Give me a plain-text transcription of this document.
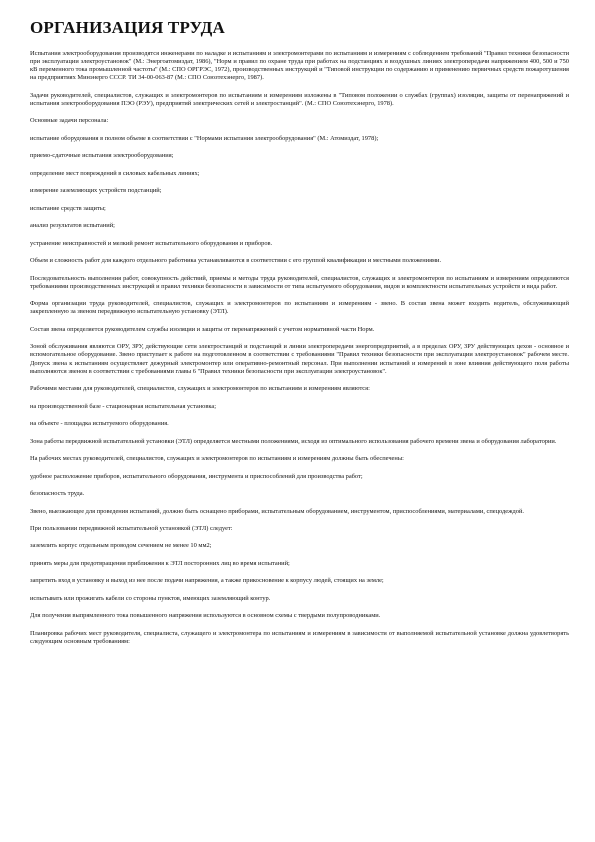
ОРГАНИЗАЦИЯ ТРУДА

Испытания электрооборудования производятся инженерами по наладке и испытаниям и электромонтерами по испытаниям и измерениям с соблюдением требований "Правил техники безопасности при эксплуатации электроустановок" (М.: Энергоатомиздат, 1986), "Норм и правил по охране труда при работах на подстанциях и воздушных линиях электропередачи напряжением 400, 500 и 750 кВ переменного тока промышленной частоты" (М.: СПО ОРГРЭС, 1972), производственных инструкций и "Типовой инструкции по содержанию и применению первичных средств пожаротушения на предприятиях Минэнерго СССР. ТИ 34-00-063-87 (М.: СПО Союзтехэнерго, 1987).

Задачи руководителей, специалистов, служащих и электромонтеров по испытаниям и измерениям изложены в "Типовом положении о службах (группах) изоляции, защиты от перенапряжений и испытания электрооборудования ПЭО (РЭУ), предприятий электрических сетей и электростанций". (М.: СПО Союзтехэнерго, 1978).

Основные задачи персонала:

испытание оборудования в полном объеме в соответствии с "Нормами испытания электрооборудования" (М.: Атомиздат, 1978);

приемо-сдаточные испытания электрооборудования;

определение мест повреждений в силовых кабельных линиях;

измерение заземляющих устройств подстанций;

испытание средств защиты;

анализ результатов испытаний;

устранение неисправностей и мелкий ремонт испытательного оборудования и приборов.

Объем и сложность работ для каждого отдельного работника устанавливаются в соответствии с его группой квалификации и местными положениями.

Последовательность выполнения работ, совокупность действий, приемы и методы труда руководителей, специалистов, служащих и электромонтеров по испытаниям и измерениям определяются требованиями производственных инструкций и правил техники безопасности в зависимости от типа испытуемого оборудования, видов и комплектности испытательных устройств и вида работ.

Форма организации труда руководителей, специалистов, служащих и электромонтеров по испытаниям и измерениям - звено. В состав звена может входить водитель, обслуживающий закрепленную за звеном передвижную испытательную установку (ЭТЛ).

Состав звена определяется руководителем службы изоляции и защиты от перенапряжений с учетом нормативной части Норм.

Зоной обслуживания являются ОРУ, ЗРУ, действующие сети электростанций и подстанций и линии электропередачи энергопредприятий, а в пределах ОРУ, ЗРУ действующих цехов - основное и вспомогательное оборудование. Звено приступает к работе на подготовленном в соответствии с требованиями "Правил техники безопасности при эксплуатации электроустановок" рабочем месте. Допуск звена к испытаниям осуществляет дежурный электромонтер или оперативно-ремонтный персонал. При выполнении испытаний и измерений в зоне влияния действующего поля работы выполняются звеном в соответствии с требованиями главы 6 "Правил техники безопасности при эксплуатации электроустановок".

Рабочими местами для руководителей, специалистов, служащих и электромонтеров по испытаниям и измерениям являются:

на производственной базе - стационарная испытательная установка;

на объекте - площадка испытуемого оборудования.

Зона работы передвижной испытательной установки (ЭТЛ) определяется местными положениями, исходя из оптимального использования рабочего времени звена и оборудования лаборатории.

На рабочих местах руководителей, специалистов, служащих и электромонтеров по испытаниям и измерениям должны быть обеспечены:

удобное расположение приборов, испытательного оборудования, инструмента и приспособлений для производства работ;

безопасность труда.

Звено, выезжающее для проведения испытаний, должно быть оснащено приборами, испытательным оборудованием, инструментом, приспособлениями, материалами, спецодеждой.

При пользовании передвижной испытательной установкой (ЭТЛ) следует:

заземлить корпус отдельным проводом сечением не менее 10 мм2;

принять меры для предотвращения приближения к ЭТЛ посторонних лиц во время испытаний;

запретить вход в установку и выход из нее после подачи напряжения, а также прикосновение к корпусу людей, стоящих на земле;

испытывать или прожигать кабели со стороны пунктов, имеющих заземляющий контур.

Для получения выпрямленного тока повышенного напряжения используются в основном схемы с твердыми полупроводниками.

Планировка рабочих мест руководителя, специалиста, служащего и электромонтера по испытаниям и измерениям в зависимости от выполняемой испытательной установке должна удовлетворять следующим основным требованиям:
